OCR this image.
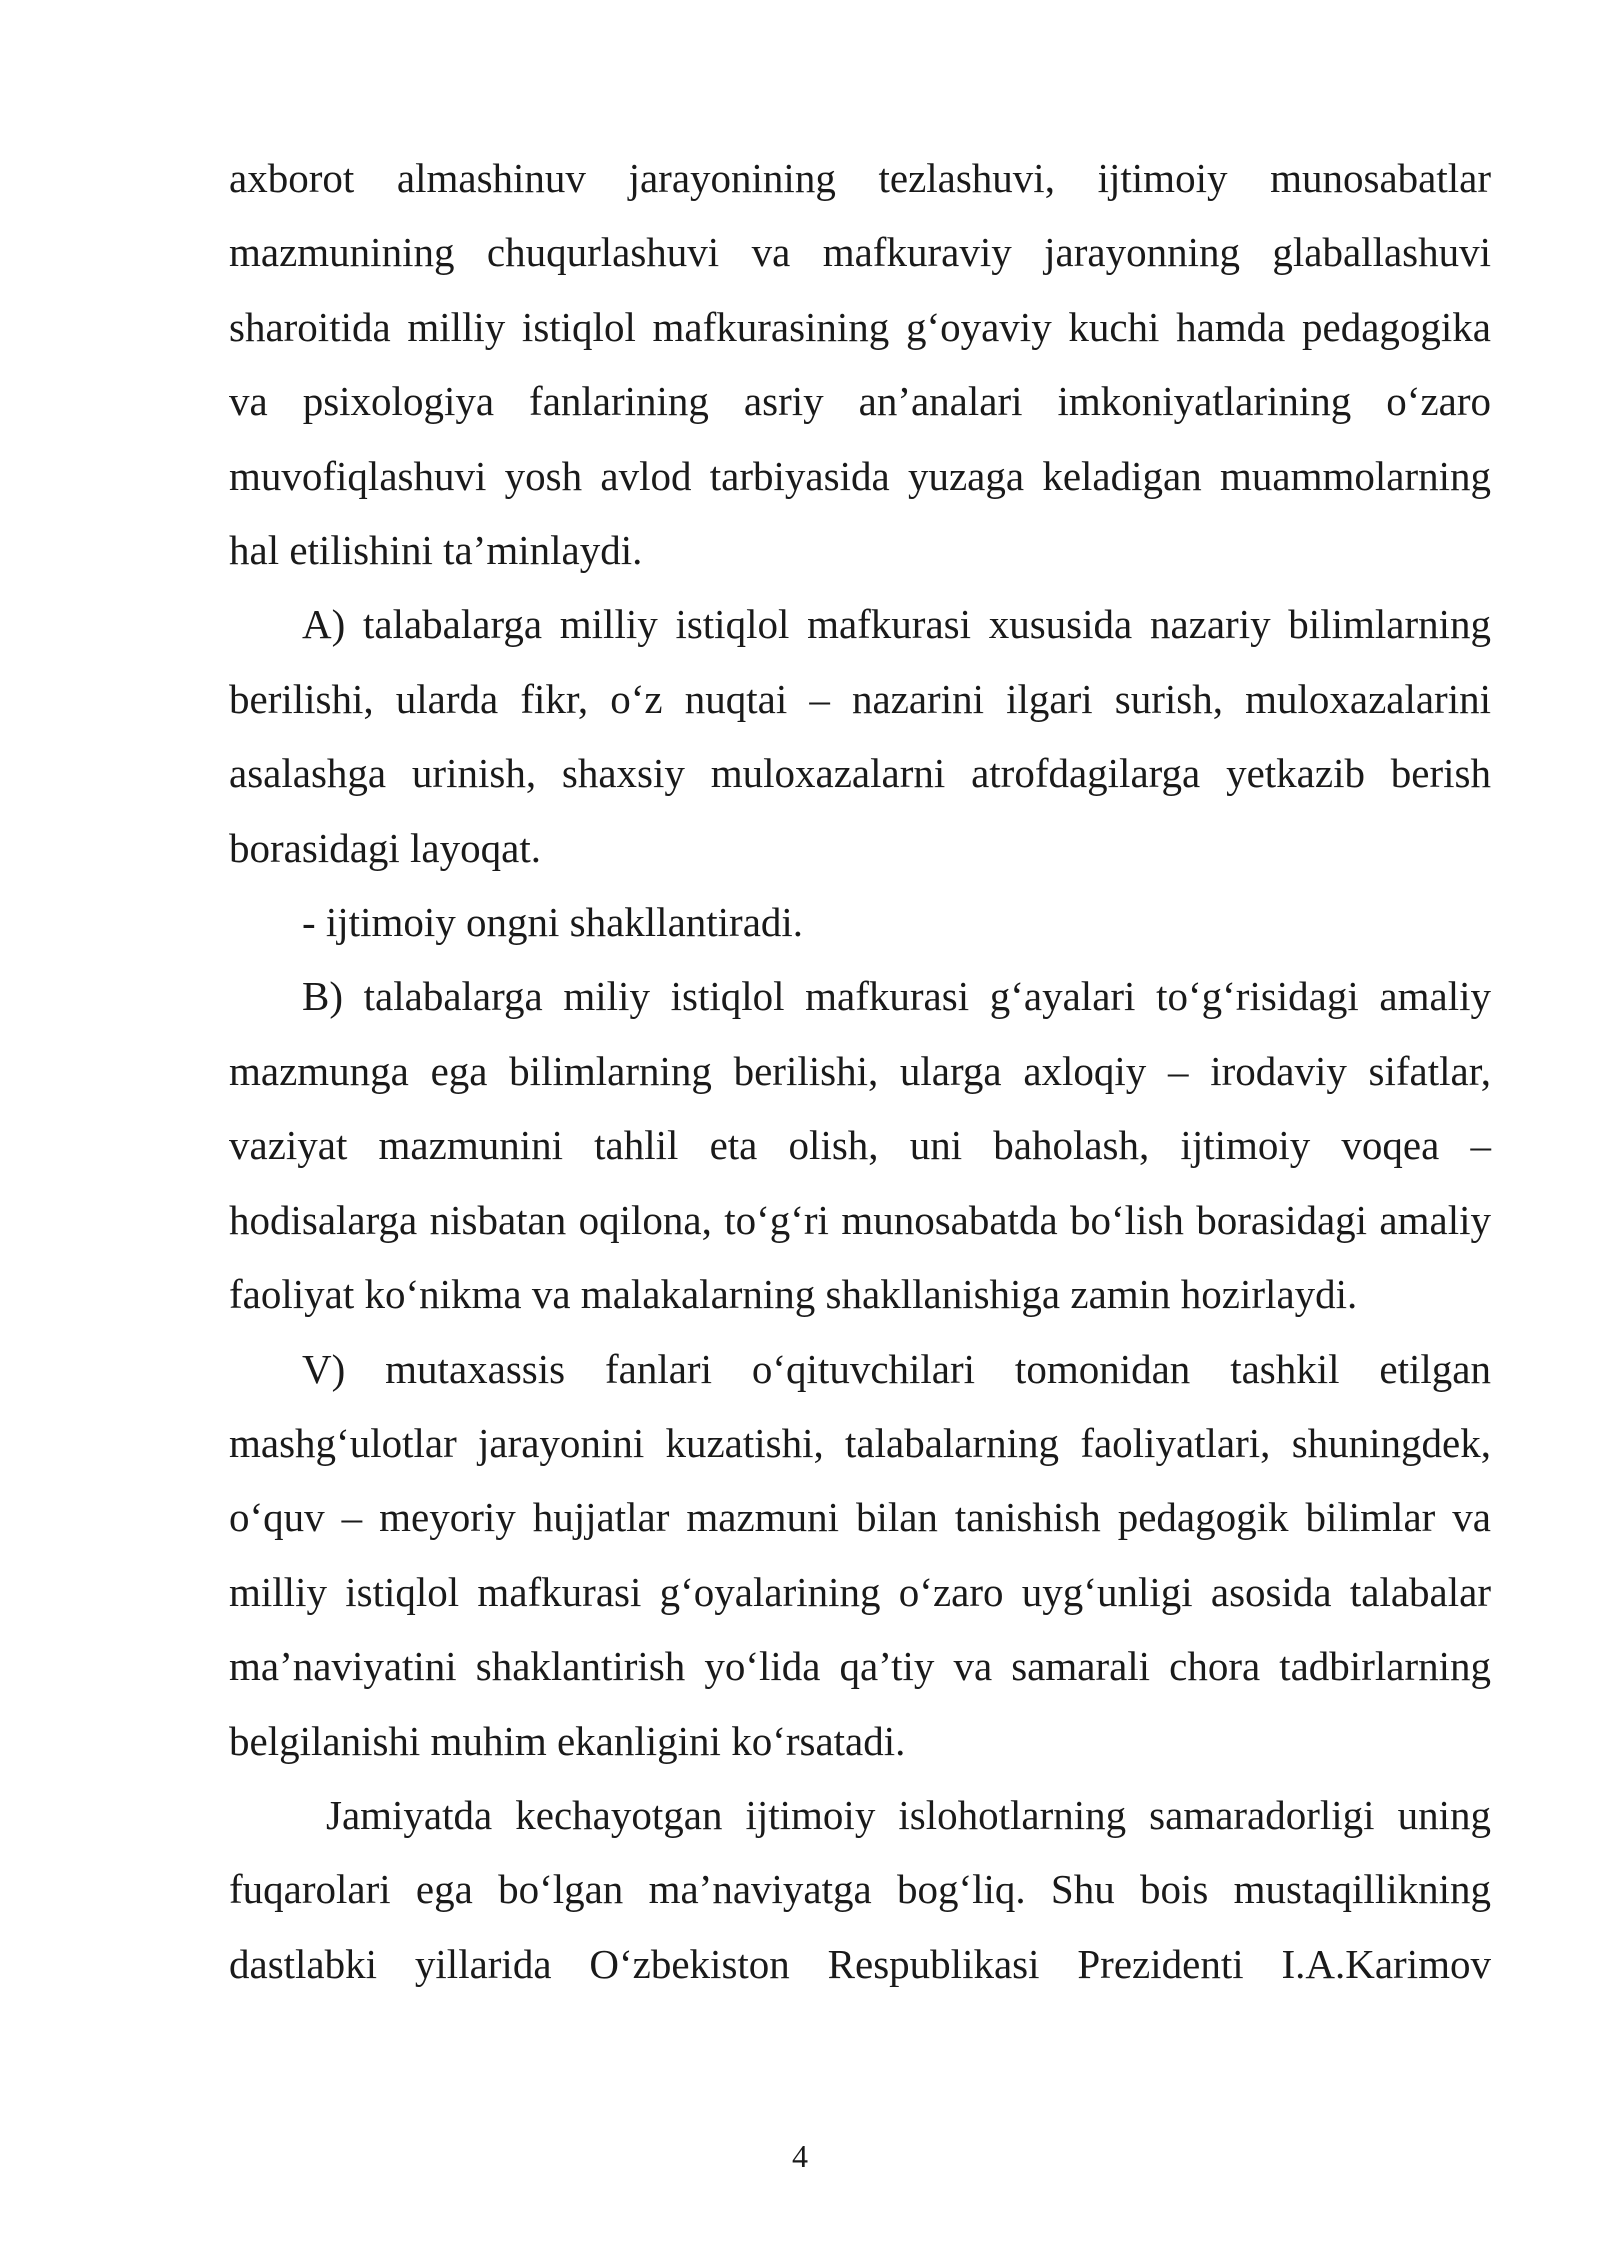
axborot almashinuv jarayonining tezlashuvi, ijtimoiy munosabatlar mazmunining chuqurlashuvi va mafkuraviy jarayonning glaballashuvi sharoitida milliy istiqlol mafkurasining g‘oyaviy kuchi hamda pedagogika va psixologiya fanlarining asriy an’analari imkoniyatlarining o‘zaro muvofiqlashuvi yosh avlod tarbiyasida yuzaga keladigan muammolarning hal etilishini ta’minlaydi.

A) talabalarga milliy istiqlol mafkurasi xususida nazariy bilimlarning berilishi, ularda fikr, o‘z nuqtai – nazarini ilgari surish, muloxazalarini asalashga urinish, shaxsiy muloxazalarni atrofdagilarga yetkazib berish borasidagi layoqat.

- ijtimoiy ongni shakllantiradi.

B) talabalarga miliy istiqlol mafkurasi g‘ayalari to‘g‘risidagi amaliy mazmunga ega bilimlarning berilishi, ularga axloqiy – irodaviy sifatlar, vaziyat mazmunini tahlil eta olish, uni baholash, ijtimoiy voqea – hodisalarga nisbatan oqilona, to‘g‘ri munosabatda bo‘lish borasidagi amaliy faoliyat ko‘nikma va malakalarning shakllanishiga zamin hozirlaydi.

V) mutaxassis fanlari o‘qituvchilari tomonidan tashkil etilgan mashg‘ulotlar jarayonini kuzatishi, talabalarning faoliyatlari, shuningdek, o‘quv – meyoriy hujjatlar mazmuni bilan tanishish pedagogik bilimlar va milliy istiqlol mafkurasi g‘oyalarining o‘zaro uyg‘unligi asosida talabalar ma’naviyatini shaklantirish yo‘lida qa’tiy va samarali chora tadbirlarning belgilanishi muhim ekanligini ko‘rsatadi.

Jamiyatda kechayotgan ijtimoiy islohotlarning samaradorligi uning fuqarolari ega bo‘lgan ma’naviyatga bog‘liq. Shu bois mustaqillikning dastlabki yillarida O‘zbekiston Respublikasi Prezidenti I.A.Karimov

4
